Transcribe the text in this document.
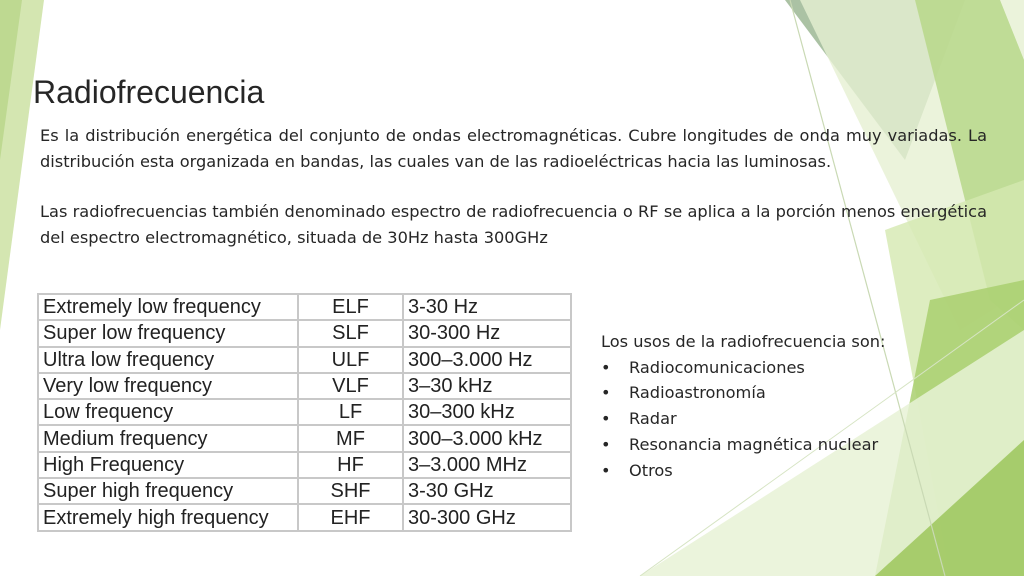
Radiofrecuencia

Es la distribución energética del conjunto de ondas electromagnéticas. Cubre longitudes de onda muy variadas. La distribución esta organizada en bandas, las cuales van de las radioeléctricas hacia las luminosas.

Las radiofrecuencias también denominado espectro de radiofrecuencia o RF se aplica a la porción menos energética del espectro electromagnético, situada de 30Hz hasta 300GHz

Extremely low frequency	ELF	3-30 Hz
Super low frequency	SLF	30-300 Hz
Ultra low frequency	ULF	300–3.000 Hz
Very low frequency	VLF	3–30 kHz
Low frequency	LF	30–300 kHz
Medium frequency	MF	300–3.000 kHz
High Frequency	HF	3–3.000 MHz
Super high frequency	SHF	3-30 GHz
Extremely high frequency	EHF	30-300 GHz
Los usos de la radiofrecuencia son:
• Radiocomunicaciones
• Radioastronomía
• Radar
• Resonancia magnética nuclear
• Otros
